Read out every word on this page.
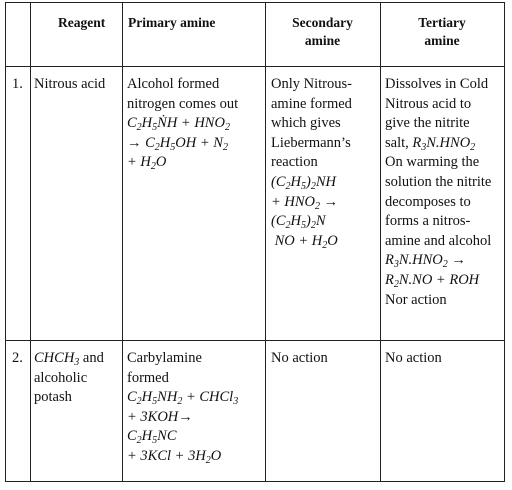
Reagent Primary amine	Secondary
amine
Tertiary
amine
1. Nitrous acid Alcohol formed
nitrogen comes out
$C_2H_5ṄH + HNO_2$
→ $C_2H_5OH + N_2$
+ $H_2O$
Only Nitrous-
amine formed
which gives
Liebermann’s
reaction
$(C_2H_5)_2NH$
+ $HNO_2$ →
$(C_2H_5)_2N$
NO + $H_2O$
Dissolves in Cold
Nitrous acid to
give the nitrite
salt, $R_3N.HNO_2$
On warming the
solution the nitrite
decomposes to
forms a nitros-
amine and alcohol
$R_3N.HNO_2$ →
$R_2N.NO$ + ROH
Nor action
2. $CHCH_3$ and
alcoholic
potash
Carbylamine
formed
$C_2H_5NH_2$ + CHCl$_3$
+ 3KOH→
$C_2H_5NC$
+ $3KCl + 3H_2O$
No action	No action
